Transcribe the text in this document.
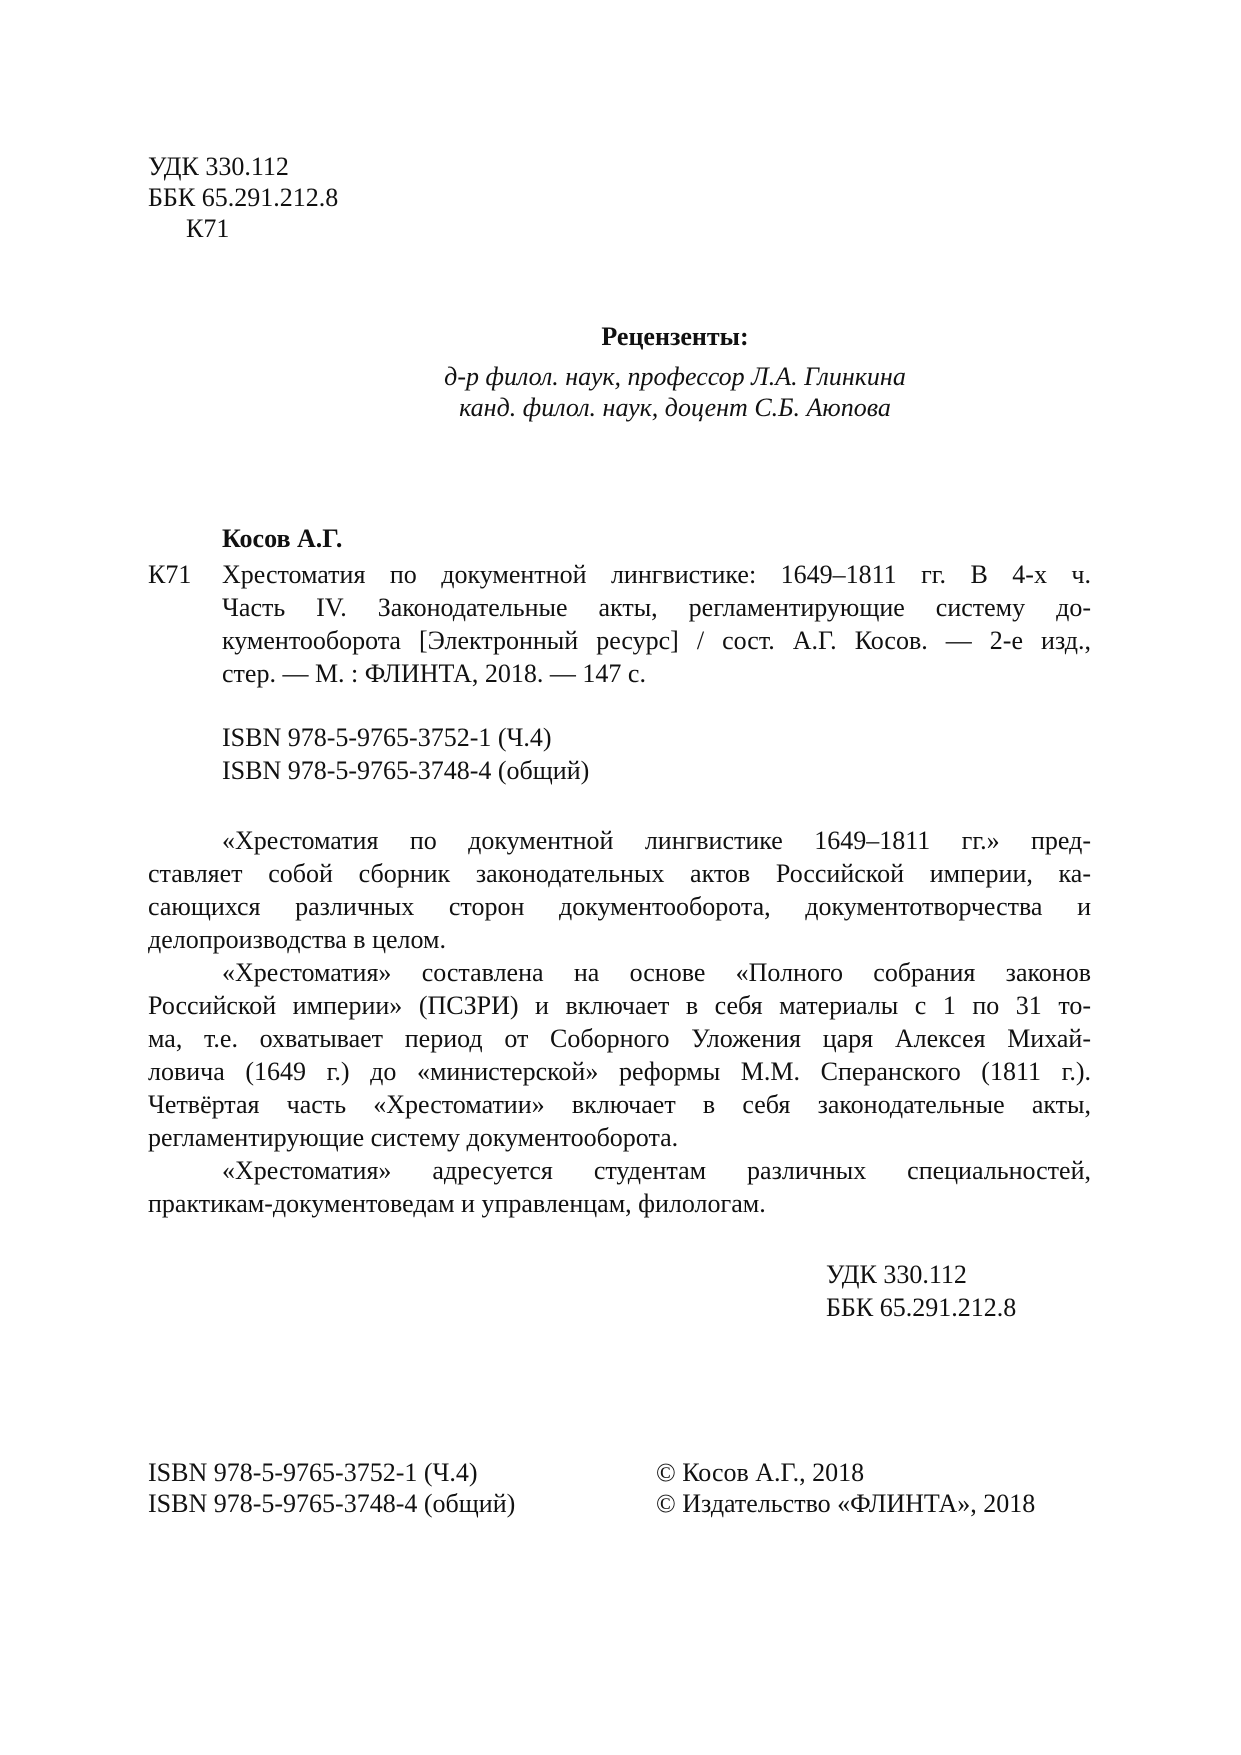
УДК 330.112
ББК 65.291.212.8
К71
Рецензенты:
д-р филол. наук, профессор Л.А. Глинкина
канд. филол. наук, доцент С.Б. Аюпова
Косов А.Г.
К71 Хрестоматия по документной лингвистике: 1649–1811 гг. В 4-х ч.
Часть IV. Законодательные акты, регламентирующие систему до-
кументооборота [Электронный ресурс] / сост. А.Г. Косов. — 2-е изд.,
стер. — М. : ФЛИНТА, 2018. — 147 с.
ISBN 978-5-9765-3752-1 (Ч.4)
ISBN 978-5-9765-3748-4 (общий)
«Хрестоматия по документной лингвистике 1649–1811 гг.» пред-
ставляет собой сборник законодательных актов Российской империи, ка-
сающихся различных сторон документооборота, документотворчества и
делопроизводства в целом.
«Хрестоматия» составлена на основе «Полного собрания законов
Российской империи» (ПСЗРИ) и включает в себя материалы с 1 по 31 то-
ма, т.е. охватывает период от Соборного Уложения царя Алексея Михай-
ловича (1649 г.) до «министерской» реформы М.М. Сперанского (1811 г.).
Четвёртая часть «Хрестоматии» включает в себя законодательные акты,
регламентирующие систему документооборота.
«Хрестоматия» адресуется студентам различных специальностей,
практикам-документоведам и управленцам, филологам.
УДК 330.112
ББК 65.291.212.8
ISBN 978-5-9765-3752-1 (Ч.4)
ISBN 978-5-9765-3748-4 (общий)
© Косов А.Г., 2018
© Издательство «ФЛИНТА», 2018
